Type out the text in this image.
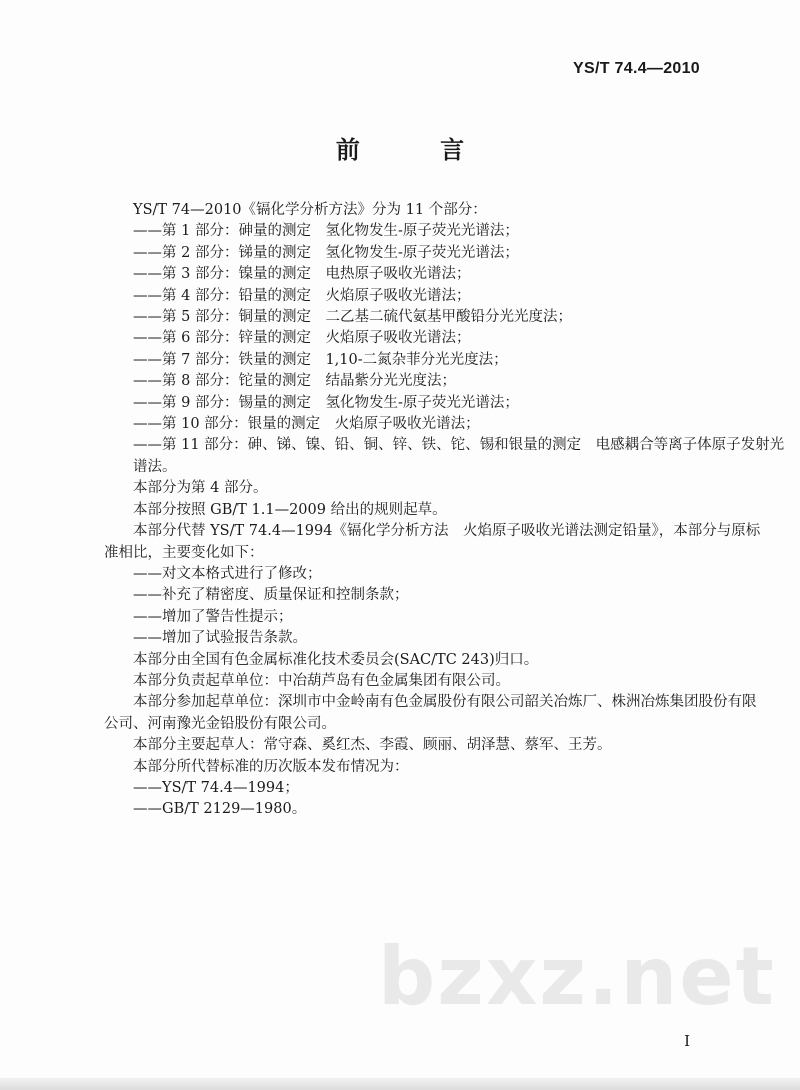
YS/T 74.4—2010
前 言
YS/T 74—2010《镉化学分析方法》分为 11 个部分：
——第 1 部分：砷量的测定　氢化物发生-原子荧光光谱法；
——第 2 部分：锑量的测定　氢化物发生-原子荧光光谱法；
——第 3 部分：镍量的测定　电热原子吸收光谱法；
——第 4 部分：铅量的测定　火焰原子吸收光谱法；
——第 5 部分：铜量的测定　二乙基二硫代氨基甲酸铅分光光度法；
——第 6 部分：锌量的测定　火焰原子吸收光谱法；
——第 7 部分：铁量的测定　1,10-二氮杂菲分光光度法；
——第 8 部分：铊量的测定　结晶紫分光光度法；
——第 9 部分：锡量的测定　氢化物发生-原子荧光光谱法；
——第 10 部分：银量的测定　火焰原子吸收光谱法；
——第 11 部分：砷、锑、镍、铅、铜、锌、铁、铊、锡和银量的测定　电感耦合等离子体原子发射光
谱法。
本部分为第 4 部分。
本部分按照 GB/T 1.1—2009 给出的规则起草。
本部分代替 YS/T 74.4—1994《镉化学分析方法　火焰原子吸收光谱法测定铅量》，本部分与原标
准相比，主要变化如下：
——对文本格式进行了修改；
——补充了精密度、质量保证和控制条款；
——增加了警告性提示；
——增加了试验报告条款。
本部分由全国有色金属标准化技术委员会(SAC/TC 243)归口。
本部分负责起草单位：中冶葫芦岛有色金属集团有限公司。
本部分参加起草单位：深圳市中金岭南有色金属股份有限公司韶关冶炼厂、株洲冶炼集团股份有限
公司、河南豫光金铅股份有限公司。
本部分主要起草人：常守森、奚红杰、李霞、顾丽、胡泽慧、蔡军、王芳。
本部分所代替标准的历次版本发布情况为：
——YS/T 74.4—1994；
——GB/T 2129—1980。
bzxz.net
I
